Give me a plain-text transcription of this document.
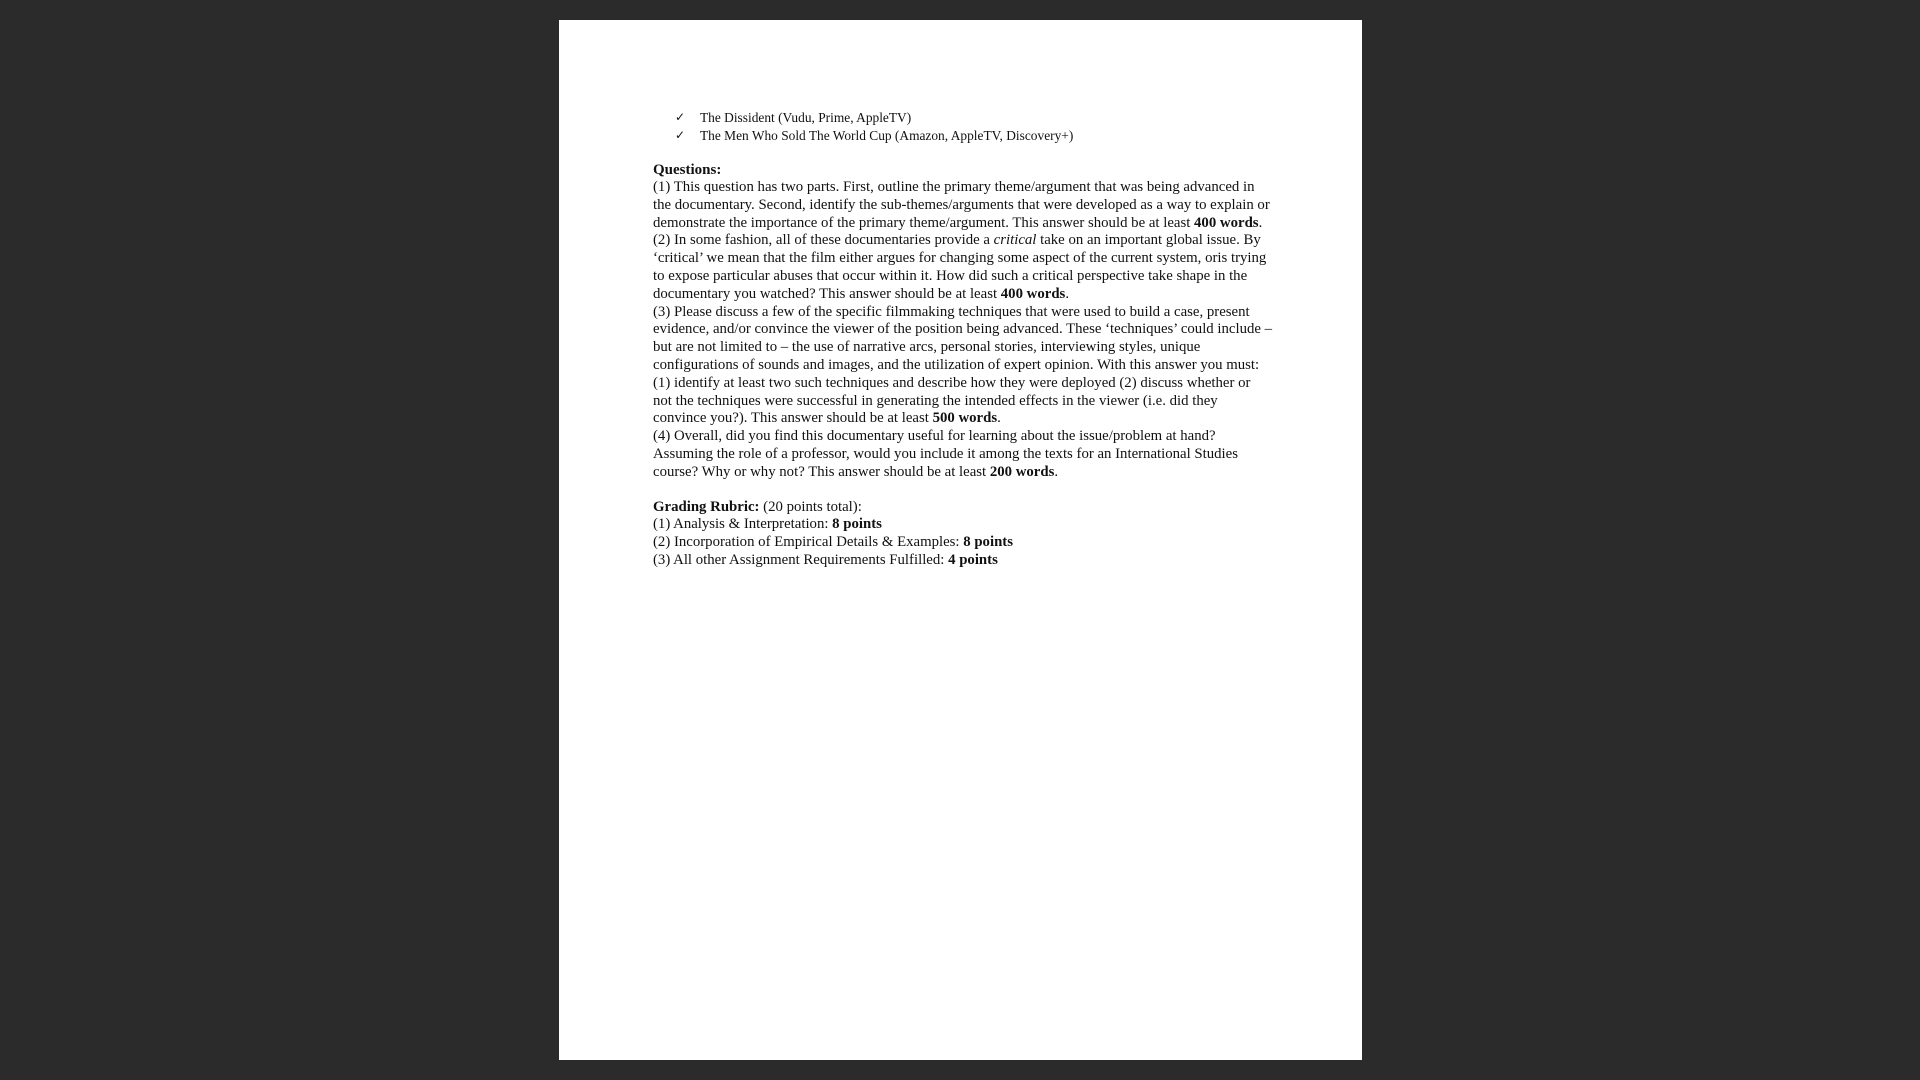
✓ The Dissident (Vudu, Prime, AppleTV)
✓ The Men Who Sold The World Cup (Amazon, AppleTV, Discovery+)
Questions:

(1) This question has two parts. First, outline the primary theme/argument that was being advanced in the documentary. Second, identify the sub-themes/arguments that were developed as a way to explain or demonstrate the importance of the primary theme/argument. This answer should be at least 400 words.

(2) In some fashion, all of these documentaries provide a critical take on an important global issue. By ‘critical’ we mean that the film either argues for changing some aspect of the current system, oris trying to expose particular abuses that occur within it. How did such a critical perspective take shape in the documentary you watched? This answer should be at least 400 words.

(3) Please discuss a few of the specific filmmaking techniques that were used to build a case, present evidence, and/or convince the viewer of the position being advanced. These ‘techniques’ could include – but are not limited to – the use of narrative arcs, personal stories, interviewing styles, unique configurations of sounds and images, and the utilization of expert opinion. With this answer you must: (1) identify at least two such techniques and describe how they were deployed (2) discuss whether or not the techniques were successful in generating the intended effects in the viewer (i.e. did they convince you?). This answer should be at least 500 words.

(4) Overall, did you find this documentary useful for learning about the issue/problem at hand? Assuming the role of a professor, would you include it among the texts for an International Studies course? Why or why not? This answer should be at least 200 words.

Grading Rubric: (20 points total):
(1) Analysis & Interpretation: 8 points
(2) Incorporation of Empirical Details & Examples: 8 points
(3) All other Assignment Requirements Fulfilled: 4 points
